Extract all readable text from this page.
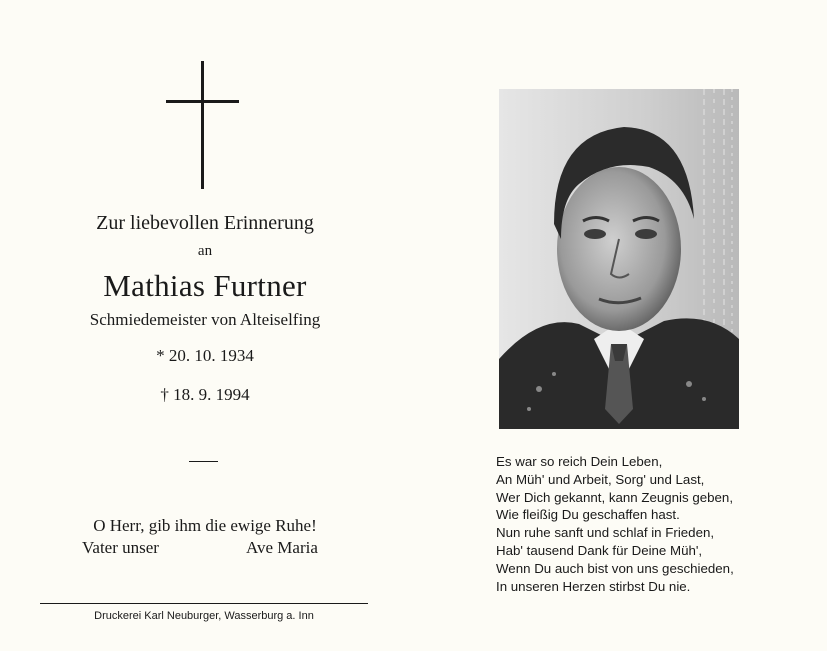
Zur liebevollen Erinnerung
an
Mathias Furtner
Schmiedemeister von Alteiselfing
* 20. 10. 1934
† 18. 9. 1994
O Herr, gib ihm die ewige Ruhe!
Vater unser	Ave Maria
Druckerei Karl Neuburger, Wasserburg a. Inn
Es war so reich Dein Leben,
An Müh' und Arbeit, Sorg' und Last,
Wer Dich gekannt, kann Zeugnis geben,
Wie fleißig Du geschaffen hast.
Nun ruhe sanft und schlaf in Frieden,
Hab' tausend Dank für Deine Müh',
Wenn Du auch bist von uns geschieden,
In unseren Herzen stirbst Du nie.
